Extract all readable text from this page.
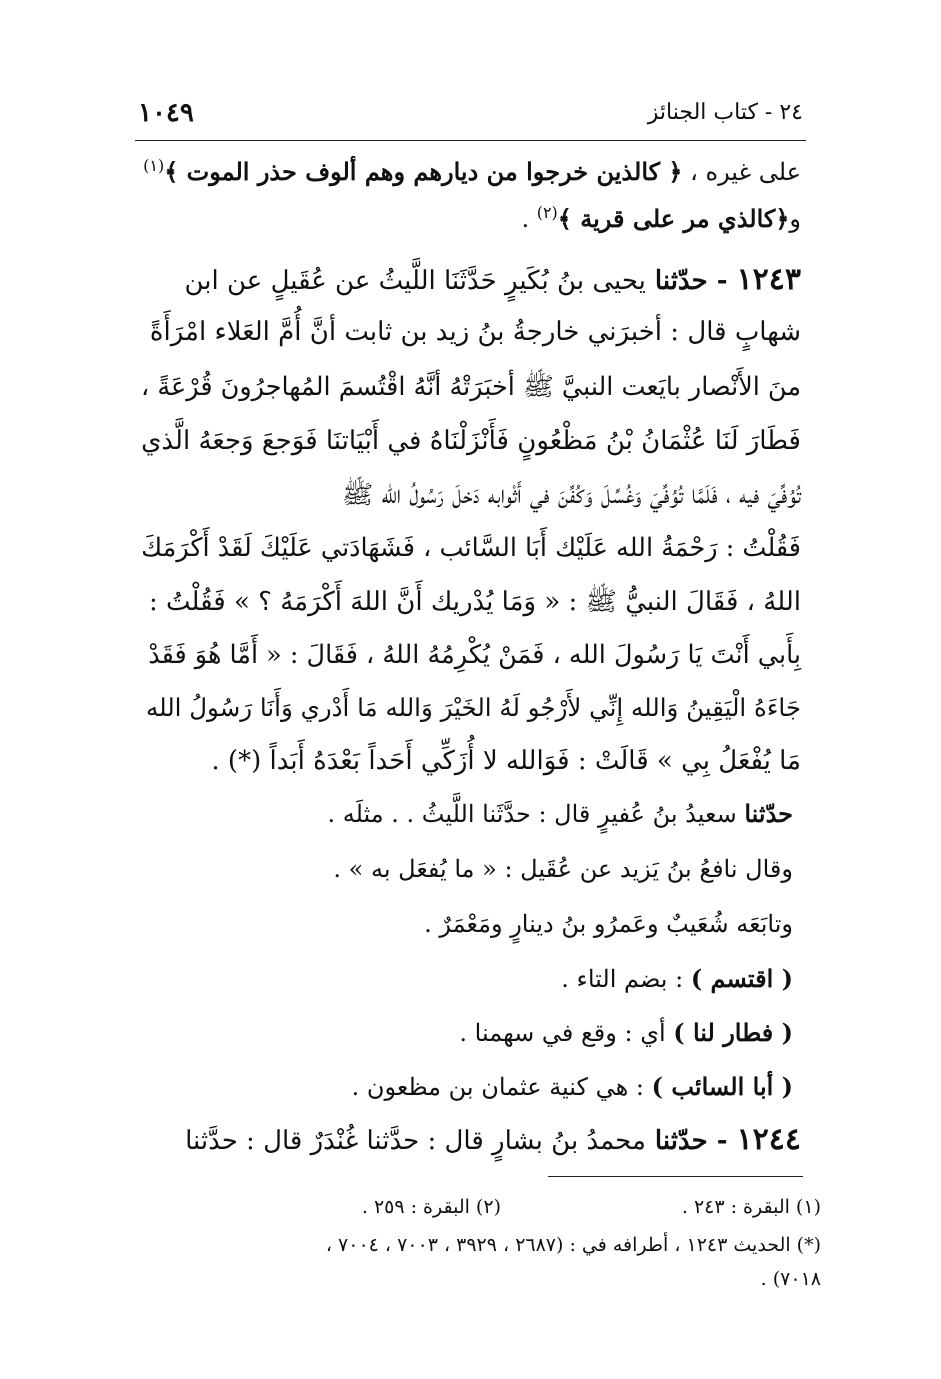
٢٤ - كتاب الجنائز
١٠٤٩
على غيره ، ﴿ كالذين خرجوا من ديارهم وهم ألوف حذر الموت ﴾$^{(١)}$
و﴿كالذي مر على قرية ﴾$^{(٢)}$ .
١٢٤٣ - حدّثنا يحيى بنُ بُكَيرٍ حَدَّثَنَا اللَّيثُ عن عُقَيلٍ عن ابن
شهابٍ قال : أخبرَني خارجةُ بنُ زيد بن ثابت أنَّ أُمَّ العَلاء امْرَأَةً
منَ الأَنْصار بايَعت النبيَّ ﷺ أخبَرَتْهُ أنَّهُ اقْتُسمَ المُهاجرُونَ قُرْعَةً ،
فَطَارَ لَنَا عُثْمَانُ بْنُ مَظْعُونٍ فَأَنْزَلْنَاهُ في أَبْيَاتنَا فَوَجعَ وَجعَهُ الَّذي
تُوُفِّيَ فيه ، فَلَمَّا تُوُفِّيَ وَغُسِّلَ وَكُفِّنَ في أَثْوابه دَخلَ رَسُولُ الله ﷺ
فَقُلْتُ : رَحْمَةُ الله عَلَيْك أَبَا السَّائب ، فَشَهَادَتي عَلَيْكَ لَقَدْ أَكْرَمَكَ
اللهُ ، فَقَالَ النبيُّ ﷺ : « وَمَا يُدْريك أَنَّ اللهَ أَكْرَمَهُ ؟ » فَقُلْتُ :
بِأَبي أَنْتَ يَا رَسُولَ الله ، فَمَنْ يُكْرِمُهُ اللهُ ، فَقَالَ : « أَمَّا هُوَ فَقَدْ
جَاءَهُ الْيَقِينُ وَالله إِنِّي لأَرْجُو لَهُ الخَيْرَ وَالله مَا أَدْري وَأَنَا رَسُولُ الله
مَا يُفْعَلُ بِي » قَالَتْ : فَوَالله لا أُزَكِّي أَحَداً بَعْدَهُ أَبَداً (*) .
حدّثنا سعيدُ بنُ عُفيرٍ قال : حدَّثَنا اللَّيثُ . . مثلَه .
وقال نافعُ بنُ يَزيد عن عُقَيل : « ما يُفعَل به » .
وتابَعَه شُعَيبٌ وعَمرُو بنُ دينارٍ ومَعْمَرٌ .
( اقتسم ) : بضم التاء .
( فطار لنا ) أي : وقع في سهمنا .
( أبا السائب ) : هي كنية عثمان بن مظعون .
١٢٤٤ - حدّثنا محمدُ بنُ بشارٍ قال : حدَّثنا غُنْدَرٌ قال : حدَّثنا
(١) البقرة : ٢٤٣ .
(٢) البقرة : ٢٥٩ .
(*) الحديث ١٢٤٣ ، أطرافه في : (٢٦٨٧ ، ٣٩٢٩ ، ٧٠٠٣ ، ٧٠٠٤ ،
٧٠١٨) .
